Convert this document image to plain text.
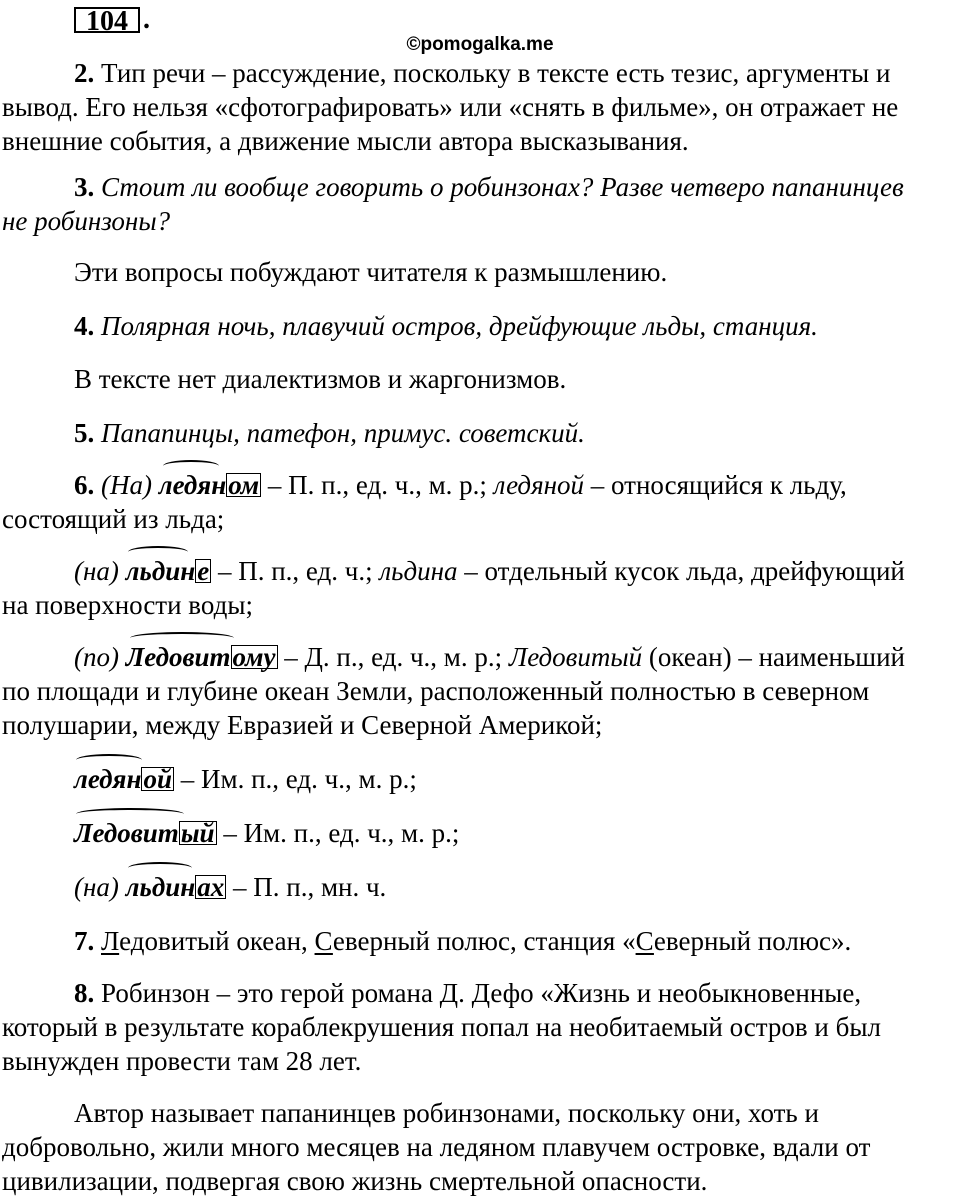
104 .
©pomogalka.me
2. Тип речи – рассуждение, поскольку в тексте есть тезис, аргументы и
вывод. Его нельзя «сфотографировать» или «снять в фильме», он отражает не
внешние события, а движение мысли автора высказывания.
3. Стоит ли вообще говорить о робинзонах? Разве четверо папанинцев
не робинзоны?
Эти вопросы побуждают читателя к размышлению.
4. Полярная ночь, плавучий остров, дрейфующие льды, станция.
В тексте нет диалектизмов и жаргонизмов.
5. Папапинцы, патефон, примус. советский.
6. (На)
ледяном – П. п., ед. ч., м. р.; ледяной – относящийся к льду,
состоящий из льда;
(на)
льдине – П. п., ед. ч.; льдина – отдельный кусок льда, дрейфующий
на поверхности воды;
(по)
Ледовитому – Д. п., ед. ч., м. р.; Ледовитый (океан) – наименьший
по площади и глубине океан Земли, расположенный полностью в северном
полушарии, между Евразией и Северной Америкой;
ледяной – Им. п., ед. ч., м. р.;
Ледовитый – Им. п., ед. ч., м. р.;
(на)
льдинах – П. п., мн. ч.
7. Ледовитый океан, Северный полюс, станция «Северный полюс».
8. Робинзон – это герой романа Д. Дефо «Жизнь и необыкновенные,
который в результате кораблекрушения попал на необитаемый остров и был
вынужден провести там 28 лет.
Автор называет папанинцев робинзонами, поскольку они, хоть и
добровольно, жили много месяцев на ледяном плавучем островке, вдали от
цивилизации, подвергая свою жизнь смертельной опасности.
